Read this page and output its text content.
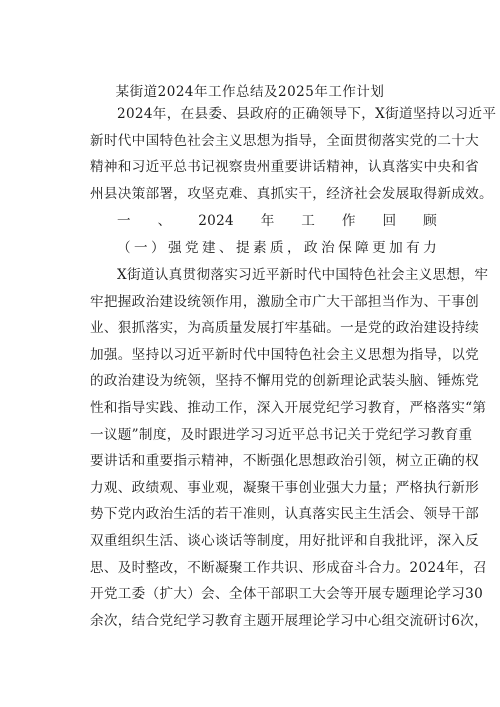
某街道2024年工作总结及2025年工作计划
2024年，在县委、县政府的正确领导下，X街道坚持以习近平
新时代中国特色社会主义思想为指导，全面贯彻落实党的二十大
精神和习近平总书记视察贵州重要讲话精神，认真落实中央和省
州县决策部署，攻坚克难、真抓实干，经济社会发展取得新成效。
一、2024年工作回顾
（一）强党建、提素质，政治保障更加有力
X街道认真贯彻落实习近平新时代中国特色社会主义思想，牢
牢把握政治建设统领作用，激励全市广大干部担当作为、干事创
业、狠抓落实，为高质量发展打牢基础。一是党的政治建设持续
加强。坚持以习近平新时代中国特色社会主义思想为指导，以党
的政治建设为统领，坚持不懈用党的创新理论武装头脑、锤炼党
性和指导实践、推动工作，深入开展党纪学习教育，严格落实“第
一议题”制度，及时跟进学习习近平总书记关于党纪学习教育重
要讲话和重要指示精神，不断强化思想政治引领，树立正确的权
力观、政绩观、事业观，凝聚干事创业强大力量；严格执行新形
势下党内政治生活的若干准则，认真落实民主生活会、领导干部
双重组织生活、谈心谈话等制度，用好批评和自我批评，深入反
思、及时整改，不断凝聚工作共识、形成奋斗合力。2024年，召
开党工委（扩大）会、全体干部职工大会等开展专题理论学习30
余次，结合党纪学习教育主题开展理论学习中心组交流研讨6次，
